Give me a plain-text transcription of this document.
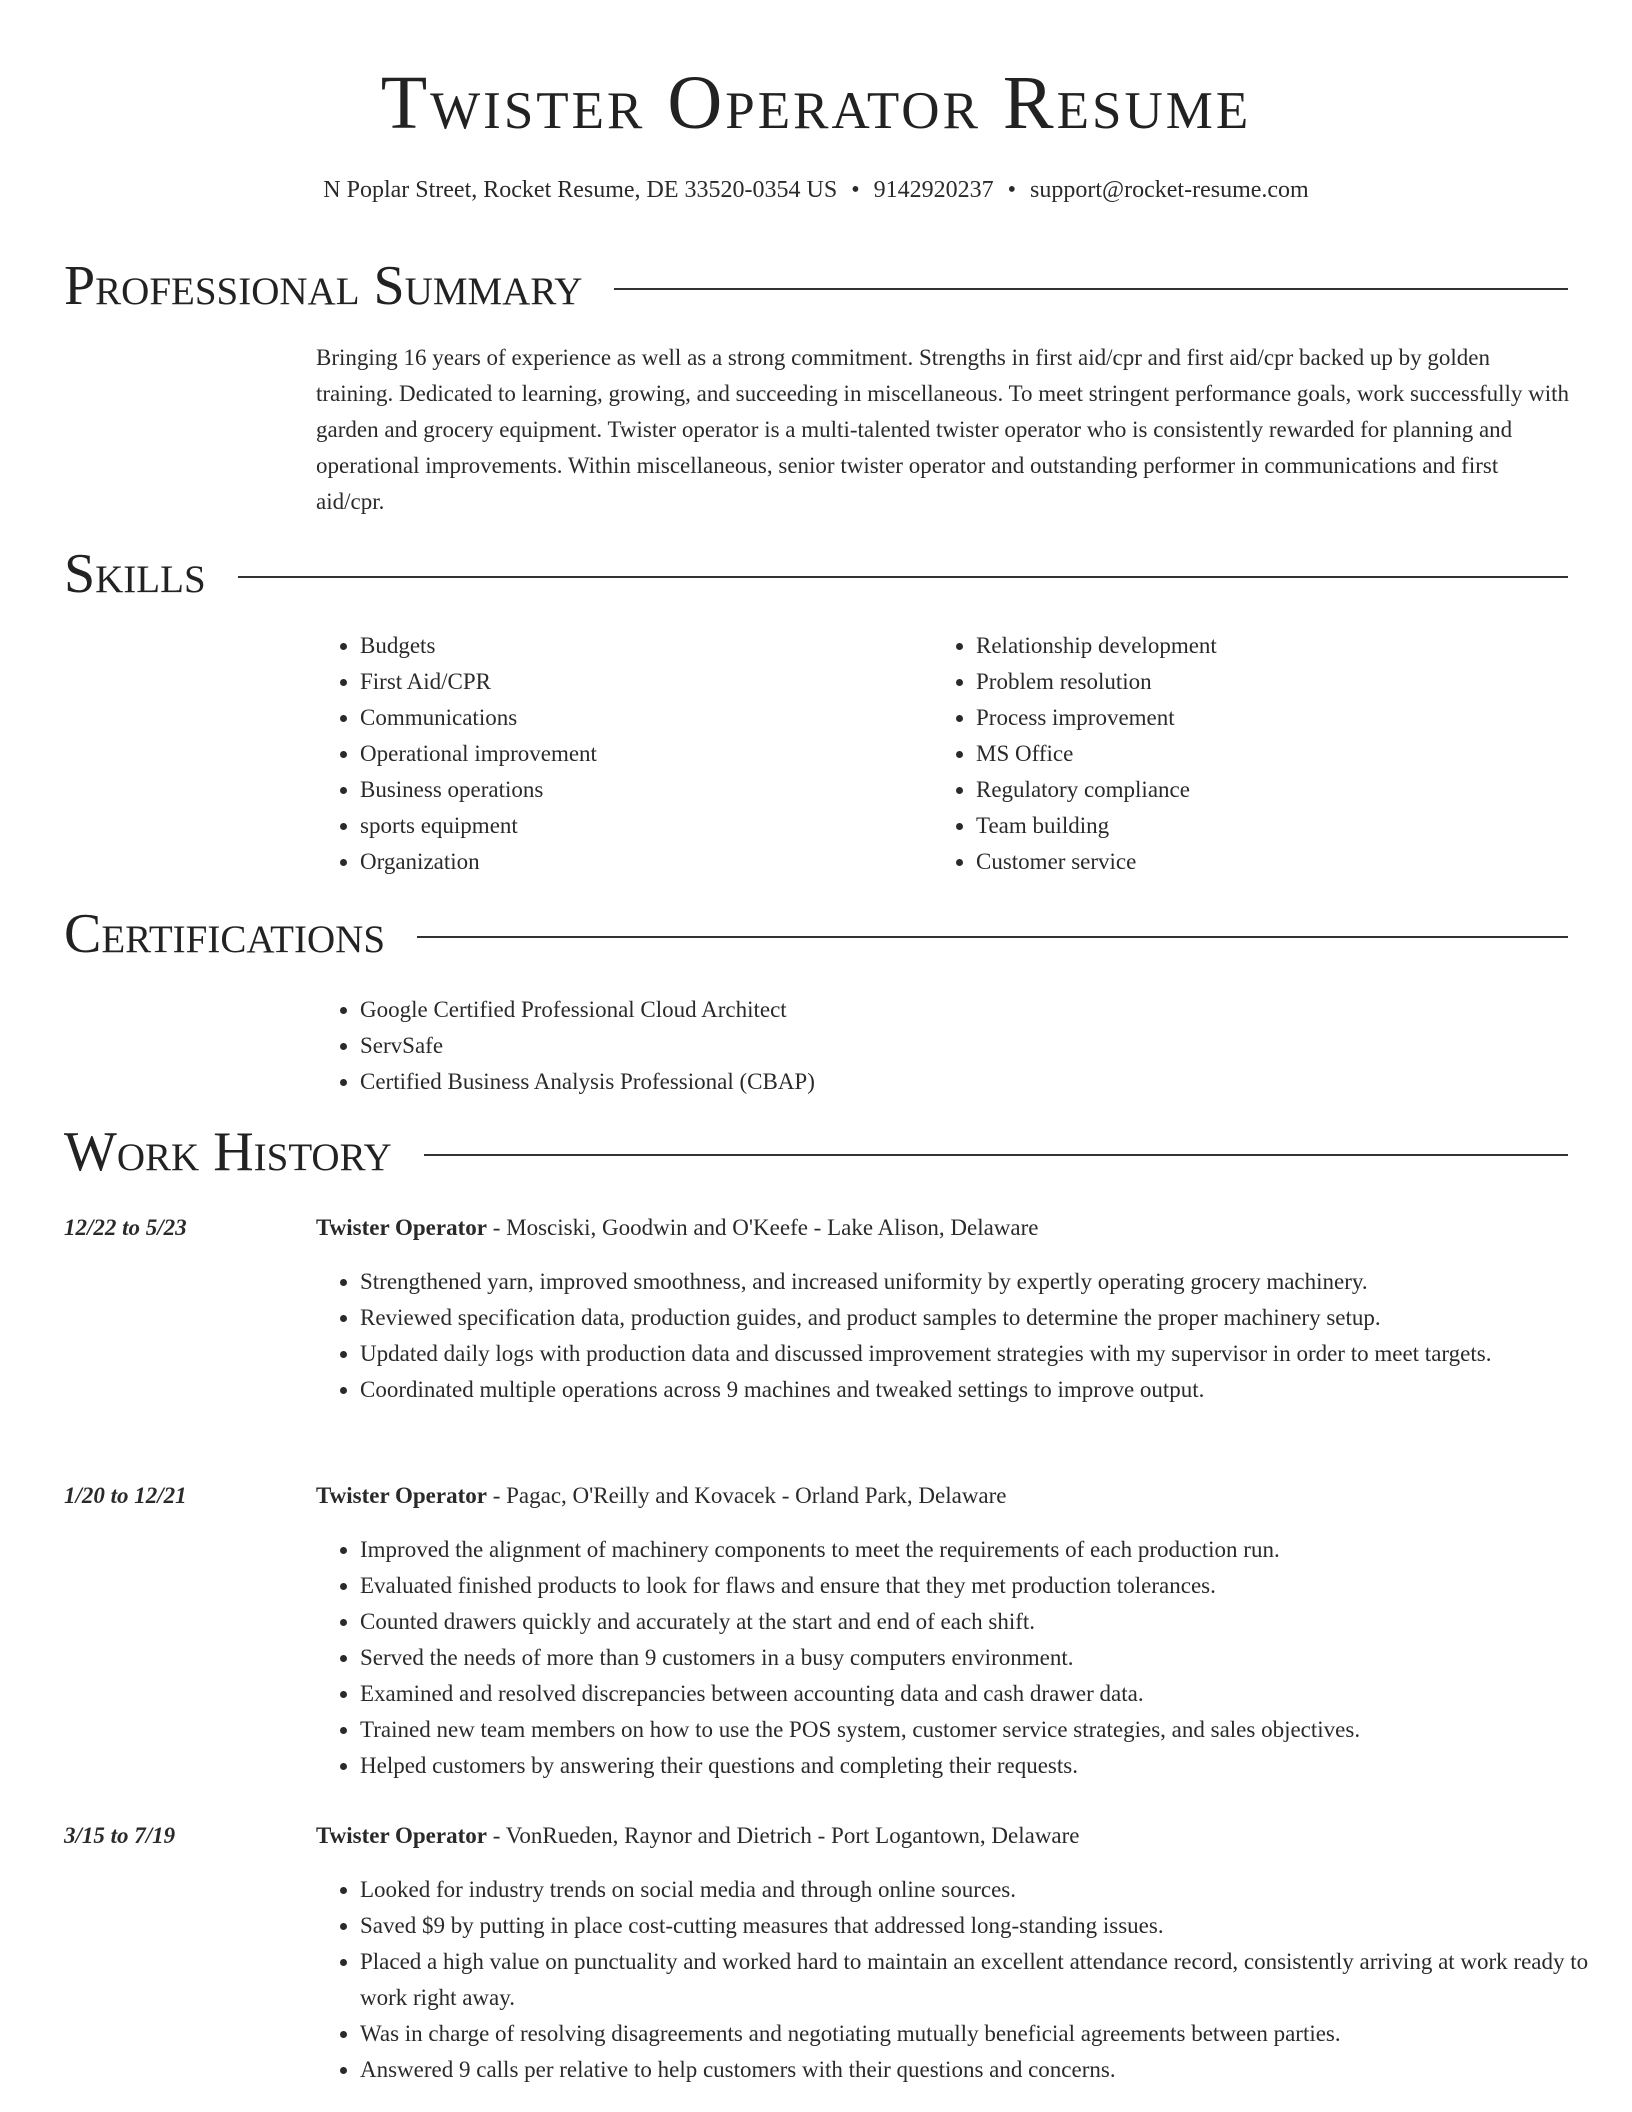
Twister Operator Resume
N Poplar Street, Rocket Resume, DE 33520-0354 US • 9142920237 • support@rocket-resume.com
Professional Summary

Bringing 16 years of experience as well as a strong commitment. Strengths in first aid/cpr and first aid/cpr backed up by golden training. Dedicated to learning, growing, and succeeding in miscellaneous. To meet stringent performance goals, work successfully with garden and grocery equipment. Twister operator is a multi-talented twister operator who is consistently rewarded for planning and operational improvements. Within miscellaneous, senior twister operator and outstanding performer in communications and first aid/cpr.

Skills
• Budgets
• First Aid/CPR
• Communications
• Operational improvement
• Business operations
• sports equipment
• Organization
• Relationship development
• Problem resolution
• Process improvement
• MS Office
• Regulatory compliance
• Team building
• Customer service
Certifications
• Google Certified Professional Cloud Architect
• ServSafe
• Certified Business Analysis Professional (CBAP)
Work History
12/22 to 5/23	Twister Operator - Mosciski, Goodwin and O'Keefe - Lake Alison, Delaware
• Strengthened yarn, improved smoothness, and increased uniformity by expertly operating grocery machinery.
• Reviewed specification data, production guides, and product samples to determine the proper machinery setup.
• Updated daily logs with production data and discussed improvement strategies with my supervisor in order to meet targets.
• Coordinated multiple operations across 9 machines and tweaked settings to improve output.
1/20 to 12/21	Twister Operator - Pagac, O'Reilly and Kovacek - Orland Park, Delaware
• Improved the alignment of machinery components to meet the requirements of each production run.
• Evaluated finished products to look for flaws and ensure that they met production tolerances.
• Counted drawers quickly and accurately at the start and end of each shift.
• Served the needs of more than 9 customers in a busy computers environment.
• Examined and resolved discrepancies between accounting data and cash drawer data.
• Trained new team members on how to use the POS system, customer service strategies, and sales objectives.
• Helped customers by answering their questions and completing their requests.
3/15 to 7/19	Twister Operator - VonRueden, Raynor and Dietrich - Port Logantown, Delaware
• Looked for industry trends on social media and through online sources.
• Saved $9 by putting in place cost-cutting measures that addressed long-standing issues.
• Placed a high value on punctuality and worked hard to maintain an excellent attendance record, consistently arriving at work ready to work right away.
• Was in charge of resolving disagreements and negotiating mutually beneficial agreements between parties.
• Answered 9 calls per relative to help customers with their questions and concerns.
